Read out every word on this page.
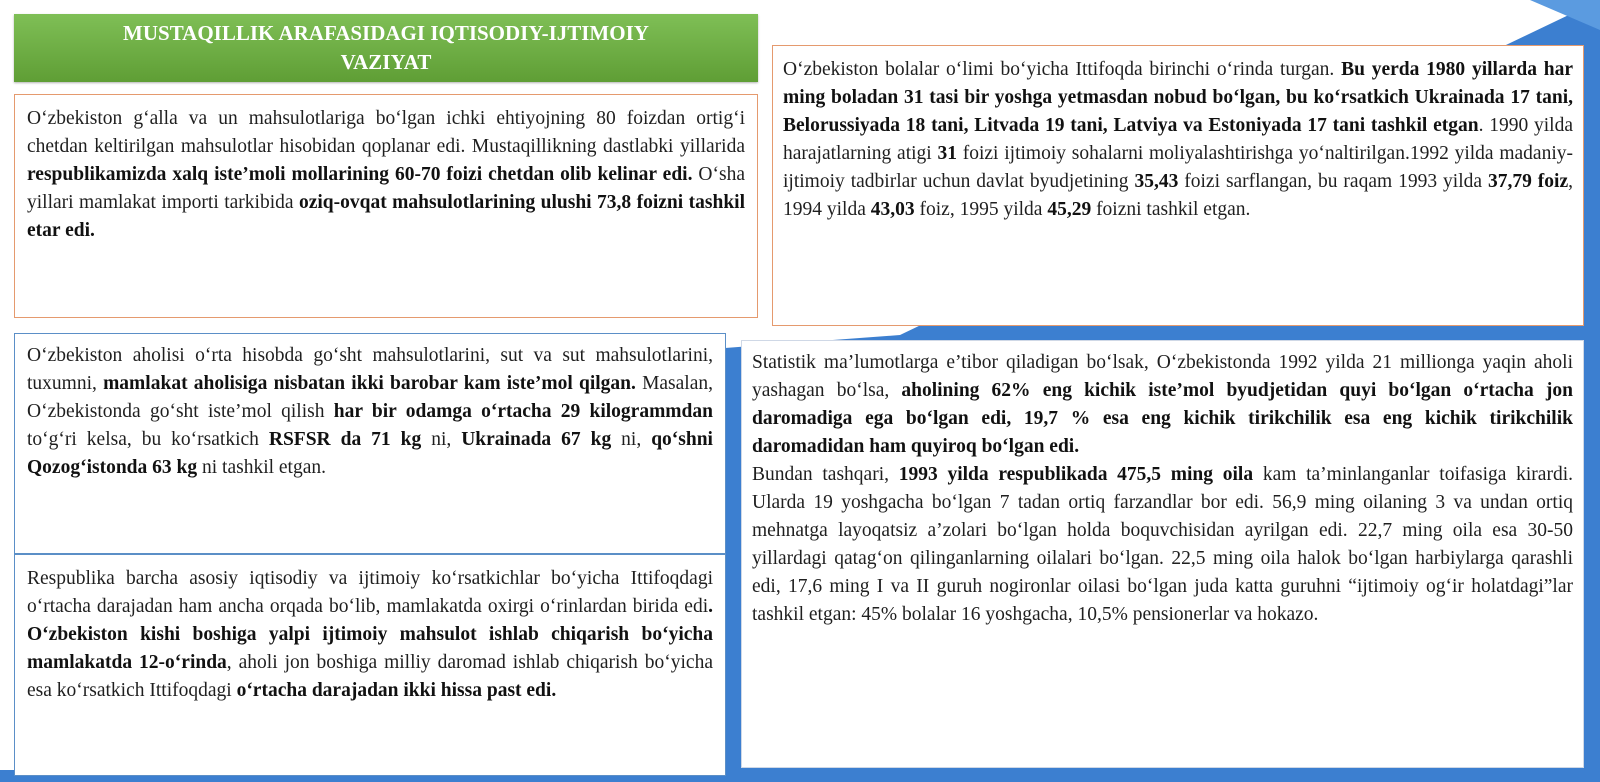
MUSTAQILLIK ARAFASIDAGI IQTISODIY-IJTIMOIY
VAZIYAT

O‘zbekiston g‘alla va un mahsulotlariga bo‘lgan ichki ehtiyojning 80 foizdan ortig‘i chetdan keltirilgan mahsulotlar hisobidan qoplanar edi. Mustaqillikning dastlabki yillarida respublikamizda xalq iste’moli mollarining 60-70 foizi chetdan olib kelinar edi. O‘sha yillari mamlakat importi tarkibida oziq-ovqat mahsulotlarining ulushi 73,8 foizni tashkil etar edi.

O‘zbekiston bolalar o‘limi bo‘yicha Ittifoqda birinchi o‘rinda turgan. Bu yerda 1980 yillarda har ming boladan 31 tasi bir yoshga yetmasdan nobud bo‘lgan, bu ko‘rsatkich Ukrainada 17 tani, Belorussiyada 18 tani, Litvada 19 tani, Latviya va Estoniyada 17 tani tashkil etgan. 1990 yilda harajatlarning atigi 31 foizi ijtimoiy sohalarni moliyalashtirishga yo‘naltirilgan.1992 yilda madaniy-ijtimoiy tadbirlar uchun davlat byudjetining 35,43 foizi sarflangan, bu raqam 1993 yilda 37,79 foiz, 1994 yilda 43,03 foiz, 1995 yilda 45,29 foizni tashkil etgan.

O‘zbekiston aholisi o‘rta hisobda go‘sht mahsulotlarini, sut va sut mahsulotlarini, tuxumni, mamlakat aholisiga nisbatan ikki barobar kam iste’mol qilgan. Masalan, O‘zbekistonda go‘sht iste’mol qilish har bir odamga o‘rtacha 29 kilogrammdan to‘g‘ri kelsa, bu ko‘rsatkich RSFSR da 71 kg ni, Ukrainada 67 kg ni, qo‘shni Qozog‘istonda 63 kg ni tashkil etgan.

Respublika barcha asosiy iqtisodiy va ijtimoiy ko‘rsatkichlar bo‘yicha Ittifoqdagi o‘rtacha darajadan ham ancha orqada bo‘lib, mamlakatda oxirgi o‘rinlardan birida edi. O‘zbekiston kishi boshiga yalpi ijtimoiy mahsulot ishlab chiqarish bo‘yicha mamlakatda 12-o‘rinda, aholi jon boshiga milliy daromad ishlab chiqarish bo‘yicha esa ko‘rsatkich Ittifoqdagi o‘rtacha darajadan ikki hissa past edi.

Statistik ma’lumotlarga e’tibor qiladigan bo‘lsak, O‘zbekistonda 1992 yilda 21 millionga yaqin aholi yashagan bo‘lsa, aholining 62% eng kichik iste’mol byudjetidan quyi bo‘lgan o‘rtacha jon daromadiga ega bo‘lgan edi, 19,7 % esa eng kichik tirikchilik esa eng kichik tirikchilik daromadidan ham quyiroq bo‘lgan edi.

Bundan tashqari, 1993 yilda respublikada 475,5 ming oila kam ta’minlanganlar toifasiga kirardi. Ularda 19 yoshgacha bo‘lgan 7 tadan ortiq farzandlar bor edi. 56,9 ming oilaning 3 va undan ortiq mehnatga layoqatsiz a’zolari bo‘lgan holda boquvchisidan ayrilgan edi. 22,7 ming oila esa 30-50 yillardagi qatag‘on qilinganlarning oilalari bo‘lgan. 22,5 ming oila halok bo‘lgan harbiylarga qarashli edi, 17,6 ming I va II guruh nogironlar oilasi bo‘lgan juda katta guruhni “ijtimoiy og‘ir holatdagi”lar tashkil etgan: 45% bolalar 16 yoshgacha, 10,5% pensionerlar va hokazo.
